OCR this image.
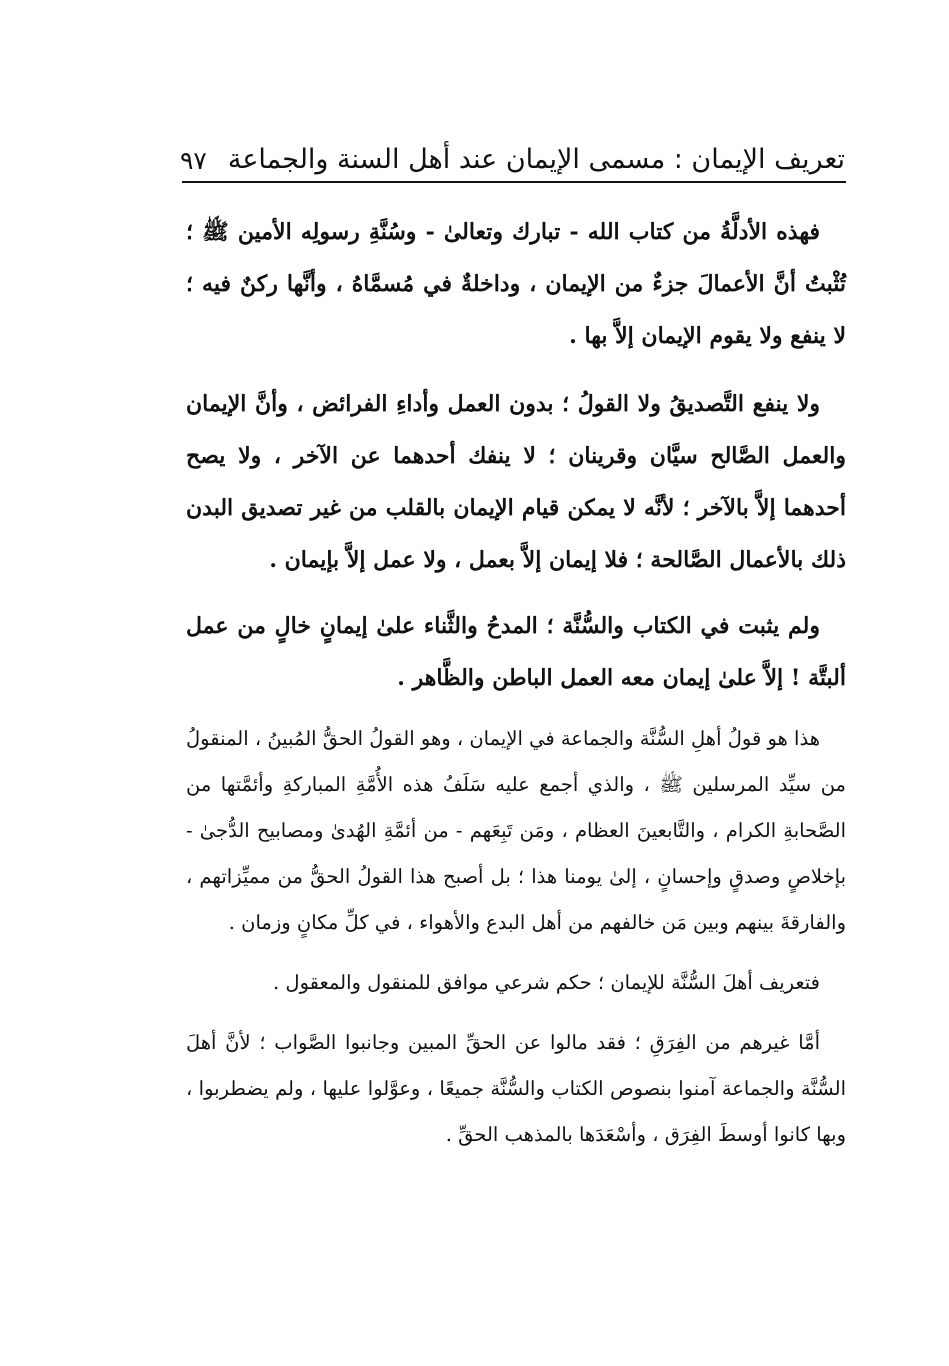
تعريف الإيمان : مسمى الإيمان عند أهل السنة والجماعة
٩٧

فهذه الأدلَّةُ من كتاب الله - تبارك وتعالىٰ - وسُنَّةِ رسولِه الأمين ﷺ ؛ تُثْبتُ أنَّ الأعمالَ جزءٌ من الإيمان ، وداخلةٌ في مُسمَّاهُ ، وأنَّها ركنٌ فيه ؛ لا ينفع ولا يقوم الإيمان إلاَّ بها .

ولا ينفع التَّصديقُ ولا القولُ ؛ بدون العمل وأداءِ الفرائض ، وأنَّ الإيمان والعمل الصَّالح سيَّان وقرينان ؛ لا ينفك أحدهما عن الآخر ، ولا يصح أحدهما إلاَّ بالآخر ؛ لأنَّه لا يمكن قيام الإيمان بالقلب من غير تصديق البدن ذلك بالأعمال الصَّالحة ؛ فلا إيمان إلاَّ بعمل ، ولا عمل إلاَّ بإيمان .

ولم يثبت في الكتاب والسُّنَّة ؛ المدحُ والثَّناء علىٰ إيمانٍ خالٍ من عمل ألبتَّة ! إلاَّ علىٰ إيمان معه العمل الباطن والظَّاهر .

هذا هو قولُ أهلِ السُّنَّة والجماعة في الإيمان ، وهو القولُ الحقُّ المُبينُ ، المنقولُ من سيِّد المرسلين ﷺ ، والذي أجمع عليه سَلَفُ هذه الأُمَّةِ المباركةِ وأئمَّتها من الصَّحابةِ الكرام ، والتَّابعينَ العظام ، ومَن تَبِعَهم - من أئمَّةِ الهُدىٰ ومصابيح الدُّجىٰ - بإخلاصٍ وصدقٍ وإحسانٍ ، إلىٰ يومنا هذا ؛ بل أصبح هذا القولُ الحقُّ من مميِّزاتهم ، والفارقةَ بينهم وبين مَن خالفهم من أهل البدع والأهواء ، في كلِّ مكانٍ وزمان .

فتعريف أهلَ السُّنَّة للإيمان ؛ حكم شرعي موافق للمنقول والمعقول .

أمَّا غيرهم من الفِرَقِ ؛ فقد مالوا عن الحقِّ المبين وجانبوا الصَّواب ؛ لأنَّ أهلَ السُّنَّة والجماعة آمنوا بنصوص الكتاب والسُّنَّة جميعًا ، وعوَّلوا عليها ، ولم يضطربوا ، وبها كانوا أوسطَ الفِرَق ، وأسْعَدَها بالمذهب الحقِّ .
